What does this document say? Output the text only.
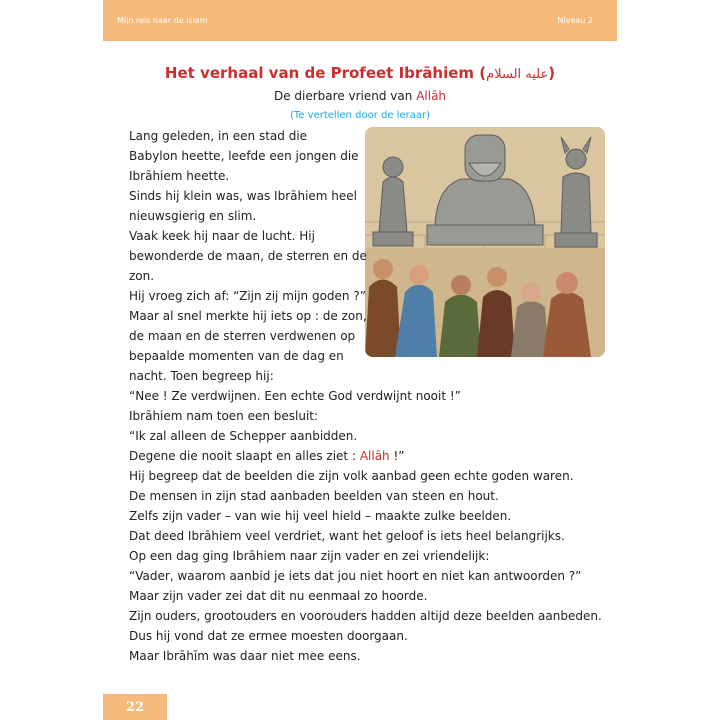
Mijn reis naar de islam	Niveau 2
Het verhaal van de Profeet Ibrāhiem (عليه السلام)
De dierbare vriend van Allāh
(Te vertellen door de leraar)
Lang geleden, in een stad die
Babylon heette, leefde een jongen die
Ibrāhiem heette.
Sinds hij klein was, was Ibrāhiem heel
nieuwsgierig en slim.
Vaak keek hij naar de lucht. Hij
bewonderde de maan, de sterren en de
zon.
Hij vroeg zich af: “Zijn zij mijn goden ?”
Maar al snel merkte hij iets op : de zon,
de maan en de sterren verdwenen op
bepaalde momenten van de dag en
nacht. Toen begreep hij:
“Nee ! Ze verdwijnen. Een echte God verdwijnt nooit !”
Ibrāhiem nam toen een besluit:
“Ik zal alleen de Schepper aanbidden.
Degene die nooit slaapt en alles ziet : Allāh !”
Hij begreep dat de beelden die zijn volk aanbad geen echte goden waren.
De mensen in zijn stad aanbaden beelden van steen en hout.
Zelfs zijn vader – van wie hij veel hield – maakte zulke beelden.
Dat deed Ibrāhiem veel verdriet, want het geloof is iets heel belangrijks.
Op een dag ging Ibrāhiem naar zijn vader en zei vriendelijk:
“Vader, waarom aanbid je iets dat jou niet hoort en niet kan antwoorden ?”
Maar zijn vader zei dat dit nu eenmaal zo hoorde.
Zijn ouders, grootouders en voorouders hadden altijd deze beelden aanbeden.
Dus hij vond dat ze ermee moesten doorgaan.
Maar Ibrāhīm was daar niet mee eens.
22
